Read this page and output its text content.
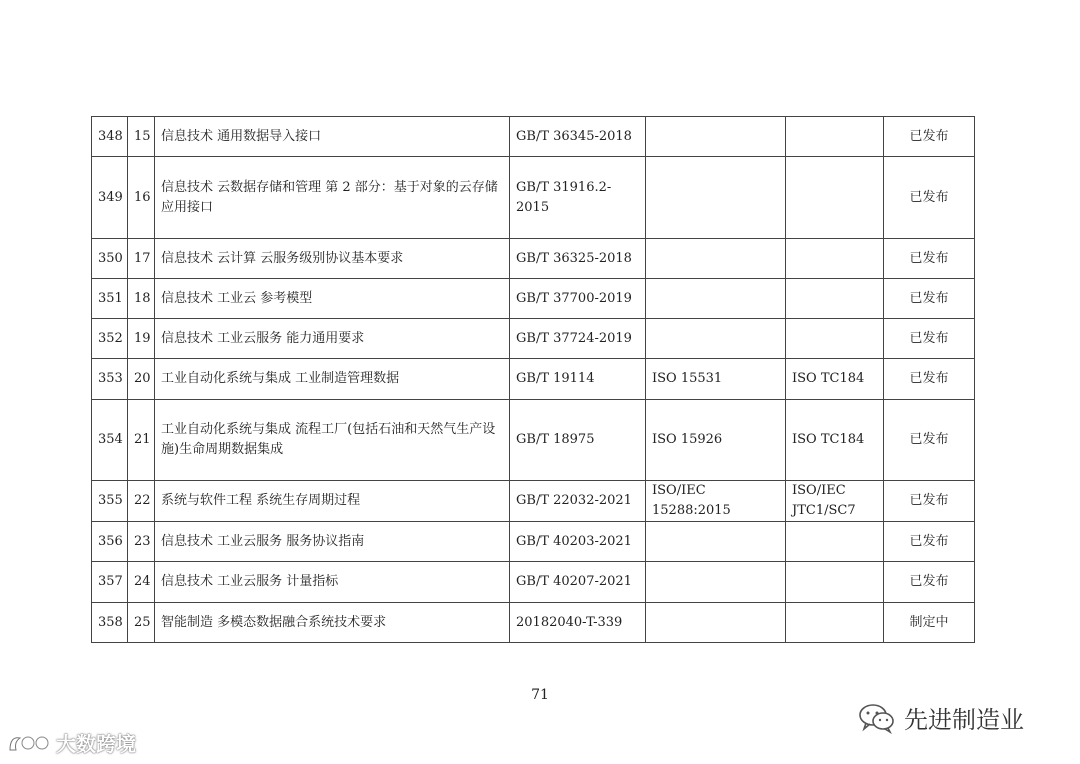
348	15	信息技术 通用数据导入接口	GB/T 36345-2018			已发布
349	16	信息技术 云数据存储和管理 第 2 部分：基于对象的云存储应用接口	GB/T 31916.2-2015			已发布
350	17	信息技术 云计算 云服务级别协议基本要求	GB/T 36325-2018			已发布
351	18	信息技术 工业云 参考模型	GB/T 37700-2019			已发布
352	19	信息技术 工业云服务 能力通用要求	GB/T 37724-2019			已发布
353	20	工业自动化系统与集成 工业制造管理数据	GB/T 19114	ISO 15531	ISO TC184	已发布
354	21	工业自动化系统与集成 流程工厂(包括石油和天然气生产设施)生命周期数据集成	GB/T 18975	ISO 15926	ISO TC184	已发布
355	22	系统与软件工程 系统生存周期过程	GB/T 22032-2021	ISO/IEC 15288:2015	ISO/IEC JTC1/SC7	已发布
356	23	信息技术 工业云服务 服务协议指南	GB/T 40203-2021			已发布
357	24	信息技术 工业云服务 计量指标	GB/T 40207-2021			已发布
358	25	智能制造 多模态数据融合系统技术要求	20182040-T-339			制定中
71
大数跨境
先进制造业
